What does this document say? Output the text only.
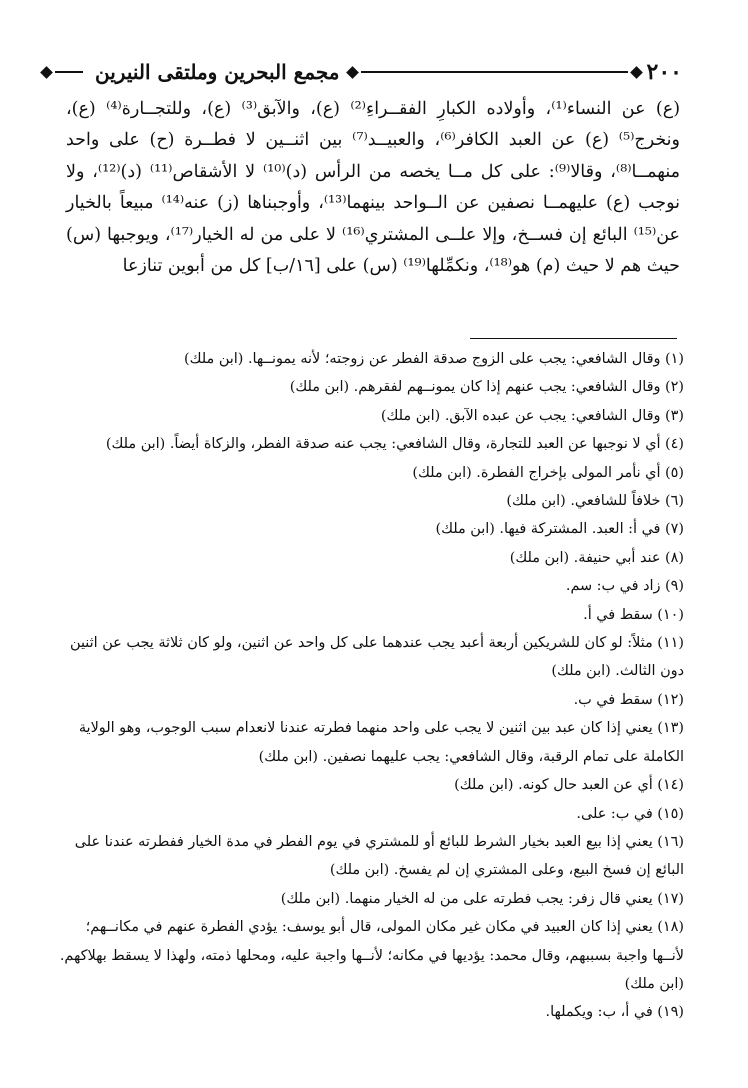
٢٠٠
مجمع البحرين وملتقى النيرين

(ع) عن النساء⁽¹⁾، وأولاده الكبارِ الفقــراءِ⁽²⁾ (ع)، والآبق⁽³⁾ (ع)، وللتجــارة⁽⁴⁾ (ع)، ونخرج⁽⁵⁾ (ع) عن العبد الكافر⁽⁶⁾، والعبيــد⁽⁷⁾ بين اثنــين لا فطــرة (ح) على واحد منهمــا⁽⁸⁾، وقالا⁽⁹⁾: على كل مــا يخصه من الرأس (د)⁽¹⁰⁾ لا الأشقاص⁽¹¹⁾ (د)⁽¹²⁾، ولا نوجب (ع) عليهمــا نصفين عن الــواحد بينهما⁽¹³⁾، وأوجبناها (ز) عنه⁽¹⁴⁾ مبيعاً بالخيار عن⁽¹⁵⁾ البائع إن فســخ، وإلا علــى المشتري⁽¹⁶⁾ لا على من له الخيار⁽¹⁷⁾، ويوجبها (س) حيث هم لا حيث (م) هو⁽¹⁸⁾، ونكمِّلها⁽¹⁹⁾ (س) على [١٦/ب] كل من أبوين تنازعا

(١) وقال الشافعي: يجب على الزوج صدقة الفطر عن زوجته؛ لأنه يمونــها. (ابن ملك)
(٢) وقال الشافعي: يجب عنهم إذا كان يمونــهم لفقرهم. (ابن ملك)
(٣) وقال الشافعي: يجب عن عبده الآبق. (ابن ملك)
(٤) أي لا نوجبها عن العبد للتجارة، وقال الشافعي: يجب عنه صدقة الفطر، والزكاة أيضاً. (ابن ملك)
(٥) أي نأمر المولى بإخراج الفطرة. (ابن ملك)
(٦) خلافاً للشافعي. (ابن ملك)
(٧) في أ: العبد. المشتركة فيها. (ابن ملك)
(٨) عند أبي حنيفة. (ابن ملك)
(٩) زاد في ب: سم.
(١٠) سقط في أ.
(١١) مثلاً: لو كان للشريكين أربعة أعبد يجب عندهما على كل واحد عن اثنين، ولو كان ثلاثة يجب عن اثنين دون الثالث. (ابن ملك)
(١٢) سقط في ب.
(١٣) يعني إذا كان عبد بين اثنين لا يجب على واحد منهما فطرته عندنا لانعدام سبب الوجوب، وهو الولاية الكاملة على تمام الرقبة، وقال الشافعي: يجب عليهما نصفين. (ابن ملك)
(١٤) أي عن العبد حال كونه. (ابن ملك)
(١٥) في ب: على.
(١٦) يعني إذا بيع العبد بخيار الشرط للبائع أو للمشتري في يوم الفطر في مدة الخيار ففطرته عندنا على البائع إن فسخ البيع، وعلى المشتري إن لم يفسخ. (ابن ملك)
(١٧) يعني قال زفر: يجب فطرته على من له الخيار منهما. (ابن ملك)
(١٨) يعني إذا كان العبيد في مكان غير مكان المولى، قال أبو يوسف: يؤدي الفطرة عنهم في مكانــهم؛ لأنــها واجبة بسببهم، وقال محمد: يؤديها في مكانه؛ لأنــها واجبة عليه، ومحلها ذمته، ولهذا لا يسقط بهلاكهم. (ابن ملك)
(١٩) في أ، ب: ويكملها.
